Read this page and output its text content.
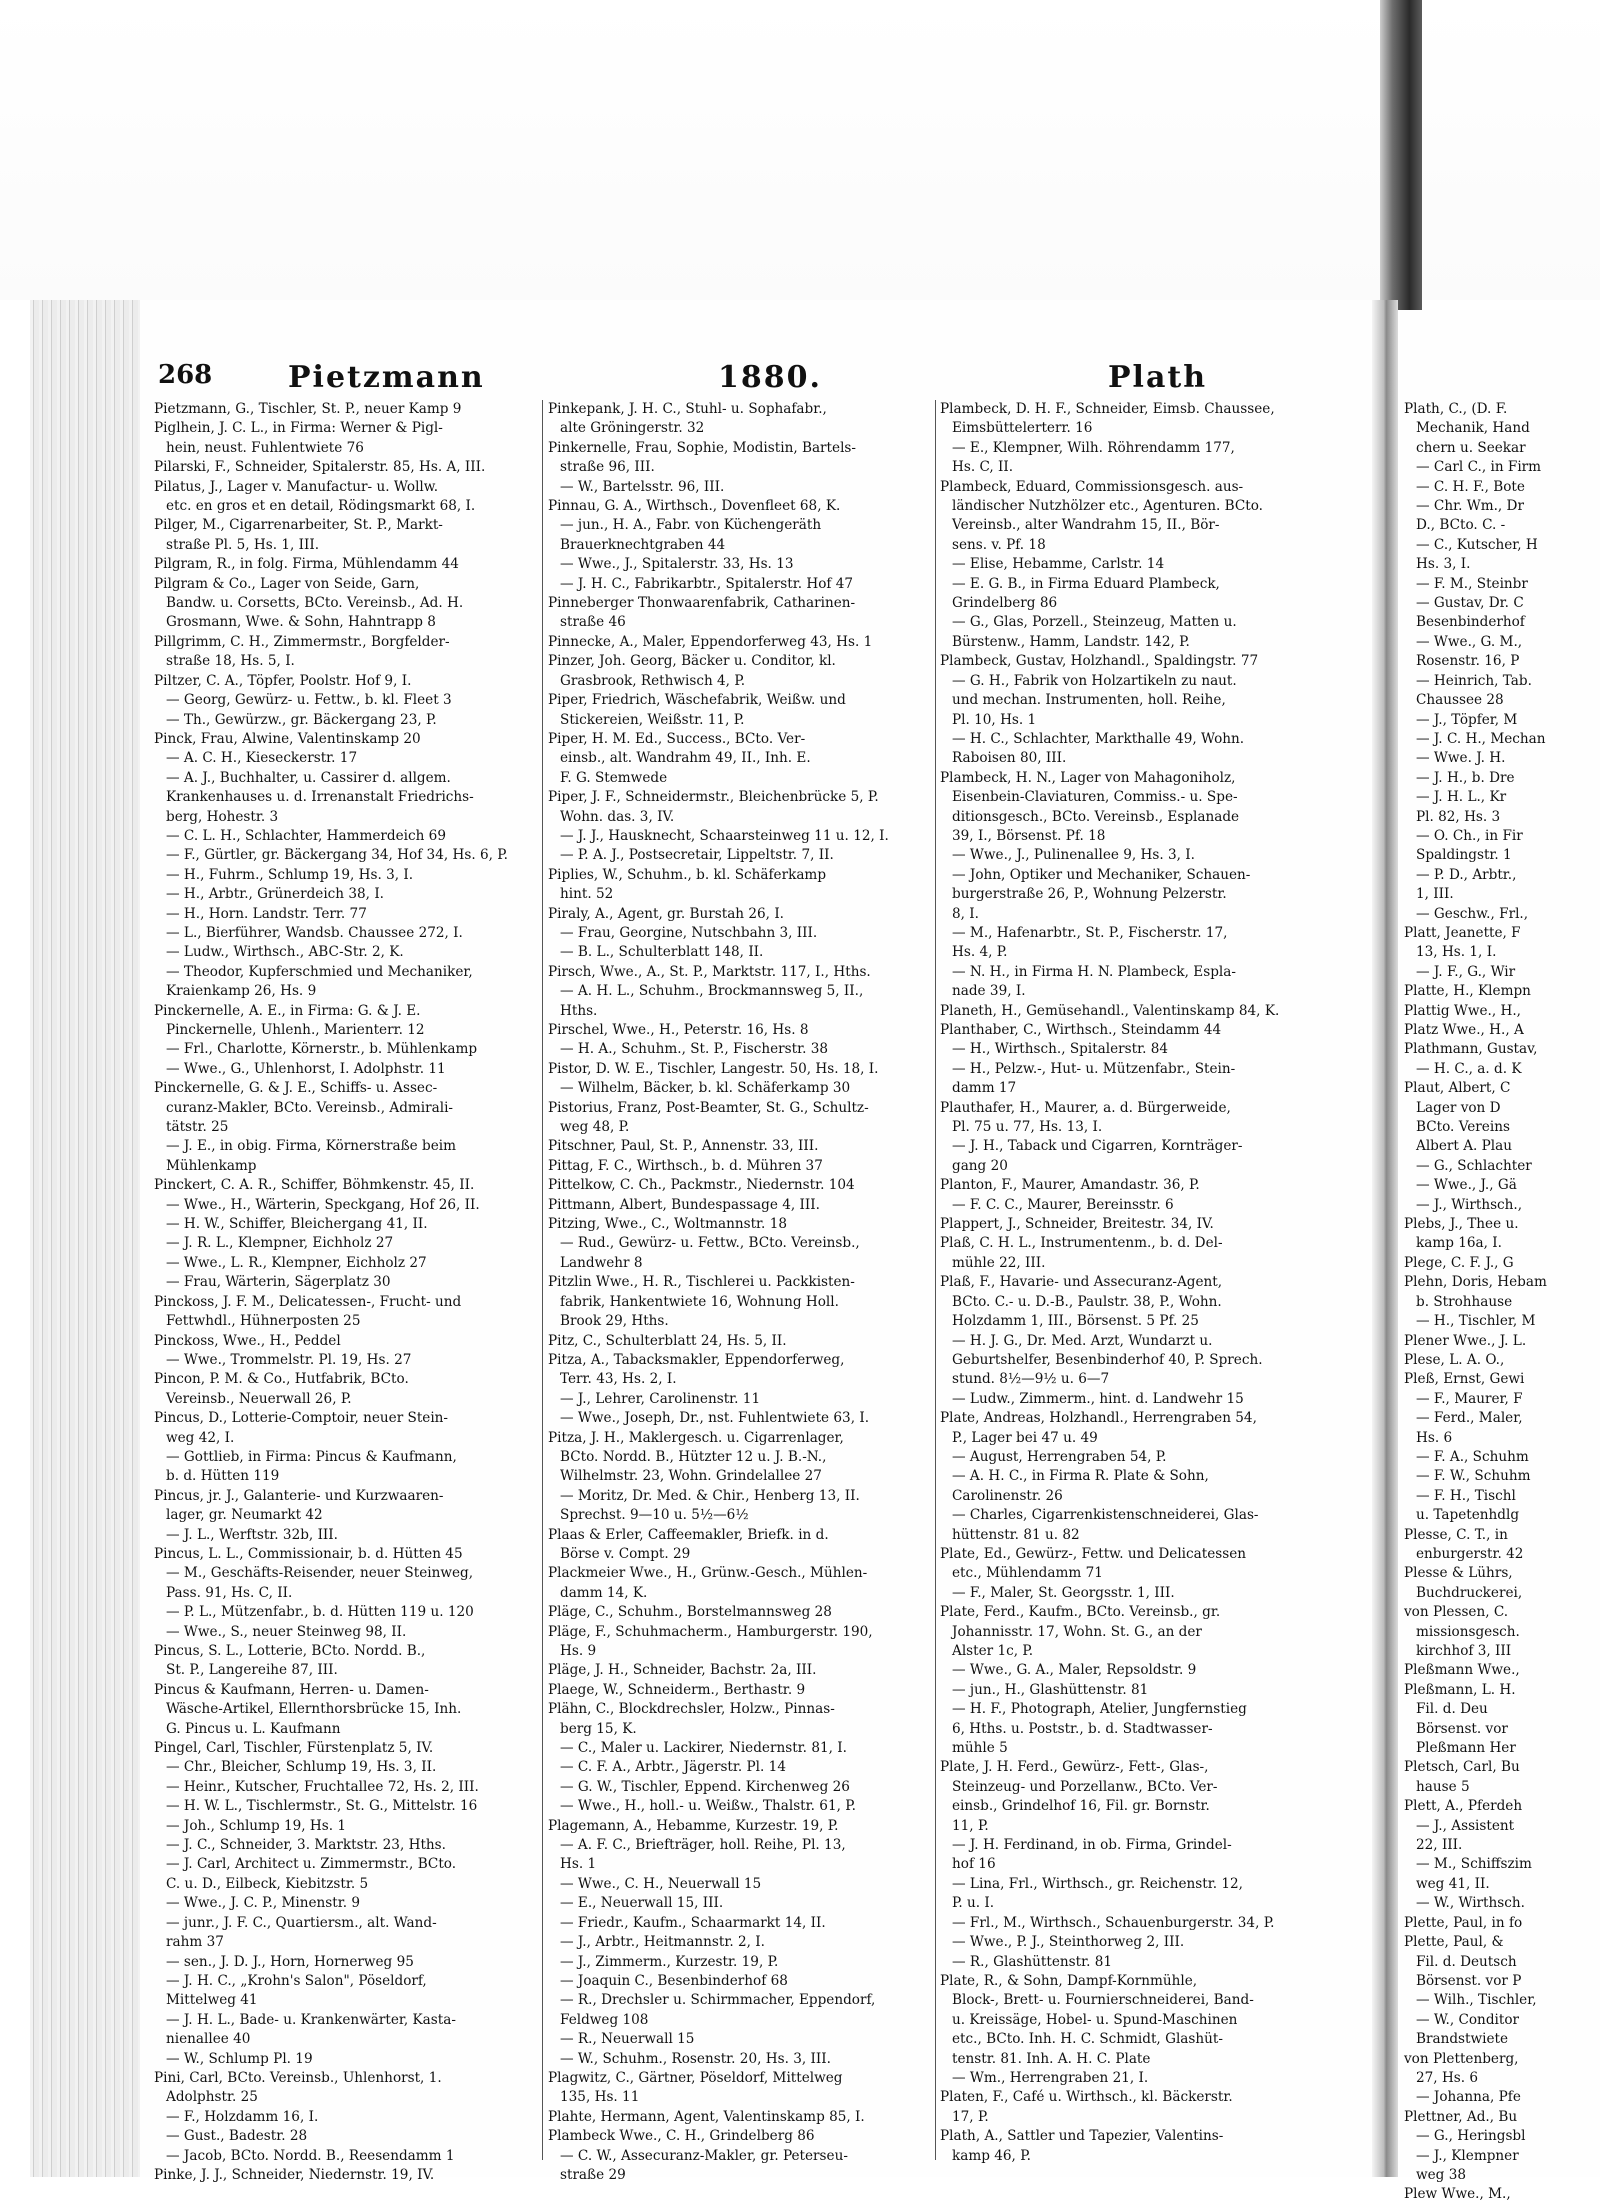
268	Pietzmann	1880.	Plath
Pietzmann, G., Tischler, St. P., neuer Kamp 9
Piglhein, J. C. L., in Firma: Werner & Pigl-
hein, neust. Fuhlentwiete 76
Pilarski, F., Schneider, Spitalerstr. 85, Hs. A, III.
Pilatus, J., Lager v. Manufactur- u. Wollw.
etc. en gros et en detail, Rödingsmarkt 68, I.
Pilger, M., Cigarrenarbeiter, St. P., Markt-
straße Pl. 5, Hs. 1, III.
Pilgram, R., in folg. Firma, Mühlendamm 44
Pilgram & Co., Lager von Seide, Garn,
Bandw. u. Corsetts, BCto. Vereinsb., Ad. H.
Grosmann, Wwe. & Sohn, Hahntrapp 8
Pillgrimm, C. H., Zimmermstr., Borgfelder-
straße 18, Hs. 5, I.
Piltzer, C. A., Töpfer, Poolstr. Hof 9, I.
— Georg, Gewürz- u. Fettw., b. kl. Fleet 3
— Th., Gewürzw., gr. Bäckergang 23, P.
Pinck, Frau, Alwine, Valentinskamp 20
— A. C. H., Kieseckerstr. 17
— A. J., Buchhalter, u. Cassirer d. allgem.
Krankenhauses u. d. Irrenanstalt Friedrichs-
berg, Hohestr. 3
— C. L. H., Schlachter, Hammerdeich 69
— F., Gürtler, gr. Bäckergang 34, Hof 34, Hs. 6, P.
— H., Fuhrm., Schlump 19, Hs. 3, I.
— H., Arbtr., Grünerdeich 38, I.
— H., Horn. Landstr. Terr. 77
— L., Bierführer, Wandsb. Chaussee 272, I.
— Ludw., Wirthsch., ABC-Str. 2, K.
— Theodor, Kupferschmied und Mechaniker,
Kraienkamp 26, Hs. 9
Pinckernelle, A. E., in Firma: G. & J. E.
Pinckernelle, Uhlenh., Marienterr. 12
— Frl., Charlotte, Körnerstr., b. Mühlenkamp
— Wwe., G., Uhlenhorst, I. Adolphstr. 11
Pinckernelle, G. & J. E., Schiffs- u. Assec-
curanz-Makler, BCto. Vereinsb., Admirali-
tätstr. 25
— J. E., in obig. Firma, Körnerstraße beim
Mühlenkamp
Pinckert, C. A. R., Schiffer, Böhmkenstr. 45, II.
— Wwe., H., Wärterin, Speckgang, Hof 26, II.
— H. W., Schiffer, Bleichergang 41, II.
— J. R. L., Klempner, Eichholz 27
— Wwe., L. R., Klempner, Eichholz 27
— Frau, Wärterin, Sägerplatz 30
Pinckoss, J. F. M., Delicatessen-, Frucht- und
Fettwhdl., Hühnerposten 25
Pinckoss, Wwe., H., Peddel
— Wwe., Trommelstr. Pl. 19, Hs. 27
Pincon, P. M. & Co., Hutfabrik, BCto.
Vereinsb., Neuerwall 26, P.
Pincus, D., Lotterie-Comptoir, neuer Stein-
weg 42, I.
— Gottlieb, in Firma: Pincus & Kaufmann,
b. d. Hütten 119
Pincus, jr. J., Galanterie- und Kurzwaaren-
lager, gr. Neumarkt 42
— J. L., Werftstr. 32b, III.
Pincus, L. L., Commissionair, b. d. Hütten 45
— M., Geschäfts-Reisender, neuer Steinweg,
Pass. 91, Hs. C, II.
— P. L., Mützenfabr., b. d. Hütten 119 u. 120
— Wwe., S., neuer Steinweg 98, II.
Pincus, S. L., Lotterie, BCto. Nordd. B.,
St. P., Langereihe 87, III.
Pincus & Kaufmann, Herren- u. Damen-
Wäsche-Artikel, Ellernthorsbrücke 15, Inh.
G. Pincus u. L. Kaufmann
Pingel, Carl, Tischler, Fürstenplatz 5, IV.
— Chr., Bleicher, Schlump 19, Hs. 3, II.
— Heinr., Kutscher, Fruchtallee 72, Hs. 2, III.
— H. W. L., Tischlermstr., St. G., Mittelstr. 16
— Joh., Schlump 19, Hs. 1
— J. C., Schneider, 3. Marktstr. 23, Hths.
— J. Carl, Architect u. Zimmermstr., BCto.
C. u. D., Eilbeck, Kiebitzstr. 5
— Wwe., J. C. P., Minenstr. 9
— junr., J. F. C., Quartiersm., alt. Wand-
rahm 37
— sen., J. D. J., Horn, Hornerweg 95
— J. H. C., „Krohn's Salon", Pöseldorf,
Mittelweg 41
— J. H. L., Bade- u. Krankenwärter, Kasta-
nienallee 40
— W., Schlump Pl. 19
Pini, Carl, BCto. Vereinsb., Uhlenhorst, 1.
Adolphstr. 25
— F., Holzdamm 16, I.
— Gust., Badestr. 28
— Jacob, BCto. Nordd. B., Reesendamm 1
Pinke, J. J., Schneider, Niedernstr. 19, IV.
Pinkepank, J. H. C., Stuhl- u. Sophafabr.,
alte Gröningerstr. 32
Pinkernelle, Frau, Sophie, Modistin, Bartels-
straße 96, III.
— W., Bartelsstr. 96, III.
Pinnau, G. A., Wirthsch., Dovenfleet 68, K.
— jun., H. A., Fabr. von Küchengeräth
Brauerknechtgraben 44
— Wwe., J., Spitalerstr. 33, Hs. 13
— J. H. C., Fabrikarbtr., Spitalerstr. Hof 47
Pinneberger Thonwaarenfabrik, Catharinen-
straße 46
Pinnecke, A., Maler, Eppendorferweg 43, Hs. 1
Pinzer, Joh. Georg, Bäcker u. Conditor, kl.
Grasbrook, Rethwisch 4, P.
Piper, Friedrich, Wäschefabrik, Weißw. und
Stickereien, Weißstr. 11, P.
Piper, H. M. Ed., Success., BCto. Ver-
einsb., alt. Wandrahm 49, II., Inh. E.
F. G. Stemwede
Piper, J. F., Schneidermstr., Bleichenbrücke 5, P.
Wohn. das. 3, IV.
— J. J., Hausknecht, Schaarsteinweg 11 u. 12, I.
— P. A. J., Postsecretair, Lippeltstr. 7, II.
Piplies, W., Schuhm., b. kl. Schäferkamp
hint. 52
Piraly, A., Agent, gr. Burstah 26, I.
— Frau, Georgine, Nutschbahn 3, III.
— B. L., Schulterblatt 148, II.
Pirsch, Wwe., A., St. P., Marktstr. 117, I., Hths.
— A. H. L., Schuhm., Brockmannsweg 5, II.,
Hths.
Pirschel, Wwe., H., Peterstr. 16, Hs. 8
— H. A., Schuhm., St. P., Fischerstr. 38
Pistor, D. W. E., Tischler, Langestr. 50, Hs. 18, I.
— Wilhelm, Bäcker, b. kl. Schäferkamp 30
Pistorius, Franz, Post-Beamter, St. G., Schultz-
weg 48, P.
Pitschner, Paul, St. P., Annenstr. 33, III.
Pittag, F. C., Wirthsch., b. d. Mühren 37
Pittelkow, C. Ch., Packmstr., Niedernstr. 104
Pittmann, Albert, Bundespassage 4, III.
Pitzing, Wwe., C., Woltmannstr. 18
— Rud., Gewürz- u. Fettw., BCto. Vereinsb.,
Landwehr 8
Pitzlin Wwe., H. R., Tischlerei u. Packkisten-
fabrik, Hankentwiete 16, Wohnung Holl.
Brook 29, Hths.
Pitz, C., Schulterblatt 24, Hs. 5, II.
Pitza, A., Tabacksmakler, Eppendorferweg,
Terr. 43, Hs. 2, I.
— J., Lehrer, Carolinenstr. 11
— Wwe., Joseph, Dr., nst. Fuhlentwiete 63, I.
Pitza, J. H., Maklergesch. u. Cigarrenlager,
BCto. Nordd. B., Hützter 12 u. J. B.-N.,
Wilhelmstr. 23, Wohn. Grindelallee 27
— Moritz, Dr. Med. & Chir., Henberg 13, II.
Sprechst. 9—10 u. 5½—6½
Plaas & Erler, Caffeemakler, Briefk. in d.
Börse v. Compt. 29
Plackmeier Wwe., H., Grünw.-Gesch., Mühlen-
damm 14, K.
Pläge, C., Schuhm., Borstelmannsweg 28
Pläge, F., Schuhmacherm., Hamburgerstr. 190,
Hs. 9
Pläge, J. H., Schneider, Bachstr. 2a, III.
Plaege, W., Schneiderm., Berthastr. 9
Plähn, C., Blockdrechsler, Holzw., Pinnas-
berg 15, K.
— C., Maler u. Lackirer, Niedernstr. 81, I.
— C. F. A., Arbtr., Jägerstr. Pl. 14
— G. W., Tischler, Eppend. Kirchenweg 26
— Wwe., H., holl.- u. Weißw., Thalstr. 61, P.
Plagemann, A., Hebamme, Kurzestr. 19, P.
— A. F. C., Briefträger, holl. Reihe, Pl. 13,
Hs. 1
— Wwe., C. H., Neuerwall 15
— E., Neuerwall 15, III.
— Friedr., Kaufm., Schaarmarkt 14, II.
— J., Arbtr., Heitmannstr. 2, I.
— J., Zimmerm., Kurzestr. 19, P.
— Joaquin C., Besenbinderhof 68
— R., Drechsler u. Schirmmacher, Eppendorf,
Feldweg 108
— R., Neuerwall 15
— W., Schuhm., Rosenstr. 20, Hs. 3, III.
Plagwitz, C., Gärtner, Pöseldorf, Mittelweg
135, Hs. 11
Plahte, Hermann, Agent, Valentinskamp 85, I.
Plambeck Wwe., C. H., Grindelberg 86
— C. W., Assecuranz-Makler, gr. Peterseu-
straße 29
Plambeck, D. H. F., Schneider, Eimsb. Chaussee,
Eimsbüttelerterr. 16
— E., Klempner, Wilh. Röhrendamm 177,
Hs. C, II.
Plambeck, Eduard, Commissionsgesch. aus-
ländischer Nutzhölzer etc., Agenturen. BCto.
Vereinsb., alter Wandrahm 15, II., Bör-
sens. v. Pf. 18
— Elise, Hebamme, Carlstr. 14
— E. G. B., in Firma Eduard Plambeck,
Grindelberg 86
— G., Glas, Porzell., Steinzeug, Matten u.
Bürstenw., Hamm, Landstr. 142, P.
Plambeck, Gustav, Holzhandl., Spaldingstr. 77
— G. H., Fabrik von Holzartikeln zu naut.
und mechan. Instrumenten, holl. Reihe,
Pl. 10, Hs. 1
— H. C., Schlachter, Markthalle 49, Wohn.
Raboisen 80, III.
Plambeck, H. N., Lager von Mahagoniholz,
Eisenbein-Claviaturen, Commiss.- u. Spe-
ditionsgesch., BCto. Vereinsb., Esplanade
39, I., Börsenst. Pf. 18
— Wwe., J., Pulinenallee 9, Hs. 3, I.
— John, Optiker und Mechaniker, Schauen-
burgerstraße 26, P., Wohnung Pelzerstr.
8, I.
— M., Hafenarbtr., St. P., Fischerstr. 17,
Hs. 4, P.
— N. H., in Firma H. N. Plambeck, Espla-
nade 39, I.
Planeth, H., Gemüsehandl., Valentinskamp 84, K.
Planthaber, C., Wirthsch., Steindamm 44
— H., Wirthsch., Spitalerstr. 84
— H., Pelzw.-, Hut- u. Mützenfabr., Stein-
damm 17
Plauthafer, H., Maurer, a. d. Bürgerweide,
Pl. 75 u. 77, Hs. 13, I.
— J. H., Taback und Cigarren, Kornträger-
gang 20
Planton, F., Maurer, Amandastr. 36, P.
— F. C. C., Maurer, Bereinsstr. 6
Plappert, J., Schneider, Breitestr. 34, IV.
Plaß, C. H. L., Instrumentenm., b. d. Del-
mühle 22, III.
Plaß, F., Havarie- und Assecuranz-Agent,
BCto. C.- u. D.-B., Paulstr. 38, P., Wohn.
Holzdamm 1, III., Börsenst. 5 Pf. 25
— H. J. G., Dr. Med. Arzt, Wundarzt u.
Geburtshelfer, Besenbinderhof 40, P. Sprech.
stund. 8½—9½ u. 6—7
— Ludw., Zimmerm., hint. d. Landwehr 15
Plate, Andreas, Holzhandl., Herrengraben 54,
P., Lager bei 47 u. 49
— August, Herrengraben 54, P.
— A. H. C., in Firma R. Plate & Sohn,
Carolinenstr. 26
— Charles, Cigarrenkistenschneiderei, Glas-
hüttenstr. 81 u. 82
Plate, Ed., Gewürz-, Fettw. und Delicatessen
etc., Mühlendamm 71
— F., Maler, St. Georgsstr. 1, III.
Plate, Ferd., Kaufm., BCto. Vereinsb., gr.
Johannisstr. 17, Wohn. St. G., an der
Alster 1c, P.
— Wwe., G. A., Maler, Repsoldstr. 9
— jun., H., Glashüttenstr. 81
— H. F., Photograph, Atelier, Jungfernstieg
6, Hths. u. Poststr., b. d. Stadtwasser-
mühle 5
Plate, J. H. Ferd., Gewürz-, Fett-, Glas-,
Steinzeug- und Porzellanw., BCto. Ver-
einsb., Grindelhof 16, Fil. gr. Bornstr.
11, P.
— J. H. Ferdinand, in ob. Firma, Grindel-
hof 16
— Lina, Frl., Wirthsch., gr. Reichenstr. 12,
P. u. I.
— Frl., M., Wirthsch., Schauenburgerstr. 34, P.
— Wwe., P. J., Steinthorweg 2, III.
— R., Glashüttenstr. 81
Plate, R., & Sohn, Dampf-Kornmühle,
Block-, Brett- u. Fournierschneiderei, Band-
u. Kreissäge, Hobel- u. Spund-Maschinen
etc., BCto. Inh. H. C. Schmidt, Glashüt-
tenstr. 81. Inh. A. H. C. Plate
— Wm., Herrengraben 21, I.
Platen, F., Café u. Wirthsch., kl. Bäckerstr.
17, P.
Plath, A., Sattler und Tapezier, Valentins-
kamp 46, P.
Plath, C., (D. F.
Mechanik, Hand
chern u. Seekar
— Carl C., in Firm
— C. H. F., Bote
— Chr. Wm., Dr
D., BCto. C. -
— C., Kutscher, H
Hs. 3, I.
— F. M., Steinbr
— Gustav, Dr. C
Besenbinderhof
— Wwe., G. M.,
Rosenstr. 16, P
— Heinrich, Tab.
Chaussee 28
— J., Töpfer, M
— J. C. H., Mechan
— Wwe. J. H.
— J. H., b. Dre
— J. H. L., Kr
Pl. 82, Hs. 3
— O. Ch., in Fir
Spaldingstr. 1
— P. D., Arbtr.,
1, III.
— Geschw., Frl.,
Platt, Jeanette, F
13, Hs. 1, I.
— J. F., G., Wir
Platte, H., Klempn
Plattig Wwe., H.,
Platz Wwe., H., A
Plathmann, Gustav,
— H. C., a. d. K
Plaut, Albert, C
Lager von D
BCto. Vereins
Albert A. Plau
— G., Schlachter
— Wwe., J., Gä
— J., Wirthsch.,
Plebs, J., Thee u.
kamp 16a, I.
Plege, C. F. J., G
Plehn, Doris, Hebam
b. Strohhause
— H., Tischler, M
Plener Wwe., J. L.
Plese, L. A. O.,
Pleß, Ernst, Gewi
— F., Maurer, F
— Ferd., Maler,
Hs. 6
— F. A., Schuhm
— F. W., Schuhm
— F. H., Tischl
u. Tapetenhdlg
Plesse, C. T., in
enburgerstr. 42
Plesse & Lührs,
Buchdruckerei,
von Plessen, C.
missionsgesch.
kirchhof 3, III
Pleßmann Wwe.,
Pleßmann, L. H.
Fil. d. Deu
Börsenst. vor
Pleßmann Her
Pletsch, Carl, Bu
hause 5
Plett, A., Pferdeh
— J., Assistent
22, III.
— M., Schiffszim
weg 41, II.
— W., Wirthsch.
Plette, Paul, in fo
Plette, Paul, &
Fil. d. Deutsch
Börsenst. vor P
— Wilh., Tischler,
— W., Conditor
Brandstwiete
von Plettenberg,
27, Hs. 6
— Johanna, Pfe
Plettner, Ad., Bu
— G., Heringsbl
— J., Klempner
weg 38
Plew Wwe., M.,
